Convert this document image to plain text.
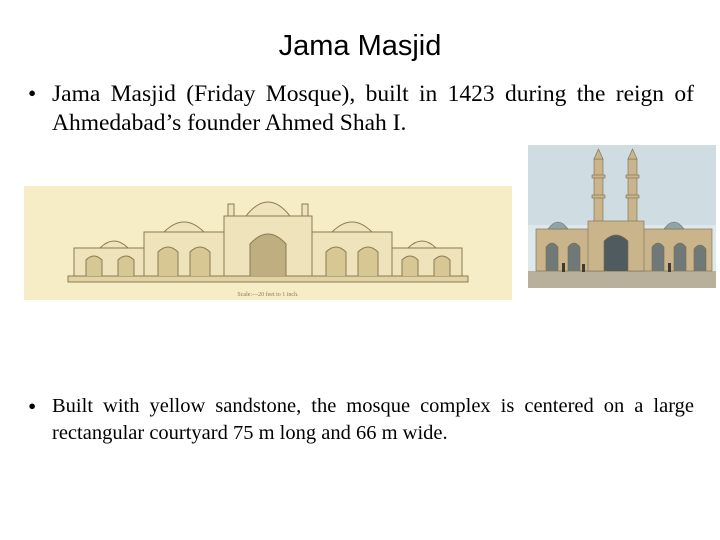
Jama Masjid
• Jama Masjid (Friday Mosque), built in 1423 during the reign of Ahmedabad’s founder Ahmed Shah I.
Scale:—20 feet to 1 inch.
• Built with yellow sandstone, the mosque complex is centered on a large rectangular courtyard 75 m long and 66 m wide.
